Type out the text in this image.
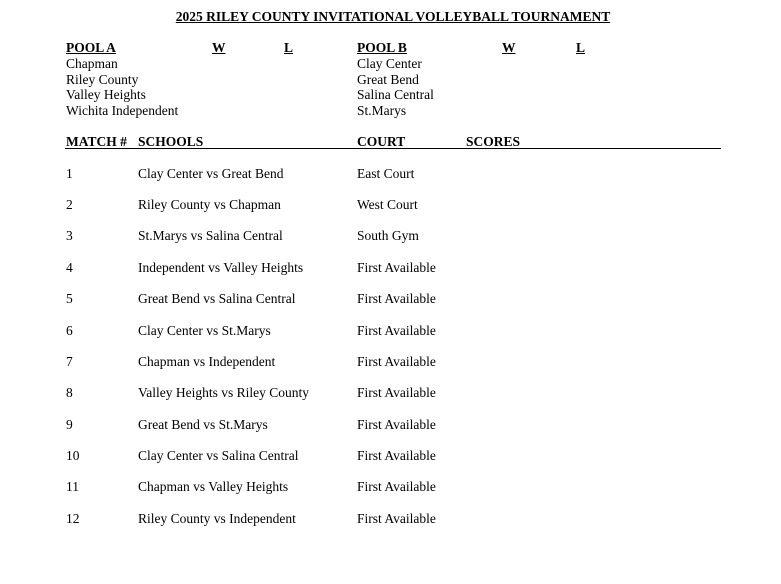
2025 RILEY COUNTY INVITATIONAL VOLLEYBALL TOURNAMENT
POOL A	W	L
Chapman
Riley County
Valley Heights
Wichita Independent
POOL B	W	L
Clay Center
Great Bend
Salina Central
St.Marys
MATCH # SCHOOLS	COURT	SCORES
1	Clay Center vs Great Bend	East Court
2	Riley County vs Chapman	West Court
3	St.Marys vs Salina Central	South Gym
4	Independent vs Valley Heights	First Available
5	Great Bend vs Salina Central	First Available
6	Clay Center vs St.Marys	First Available
7	Chapman vs Independent	First Available
8	Valley Heights vs Riley County	First Available
9	Great Bend vs St.Marys	First Available
10	Clay Center vs Salina Central	First Available
11	Chapman vs Valley Heights	First Available
12	Riley County vs Independent	First Available
